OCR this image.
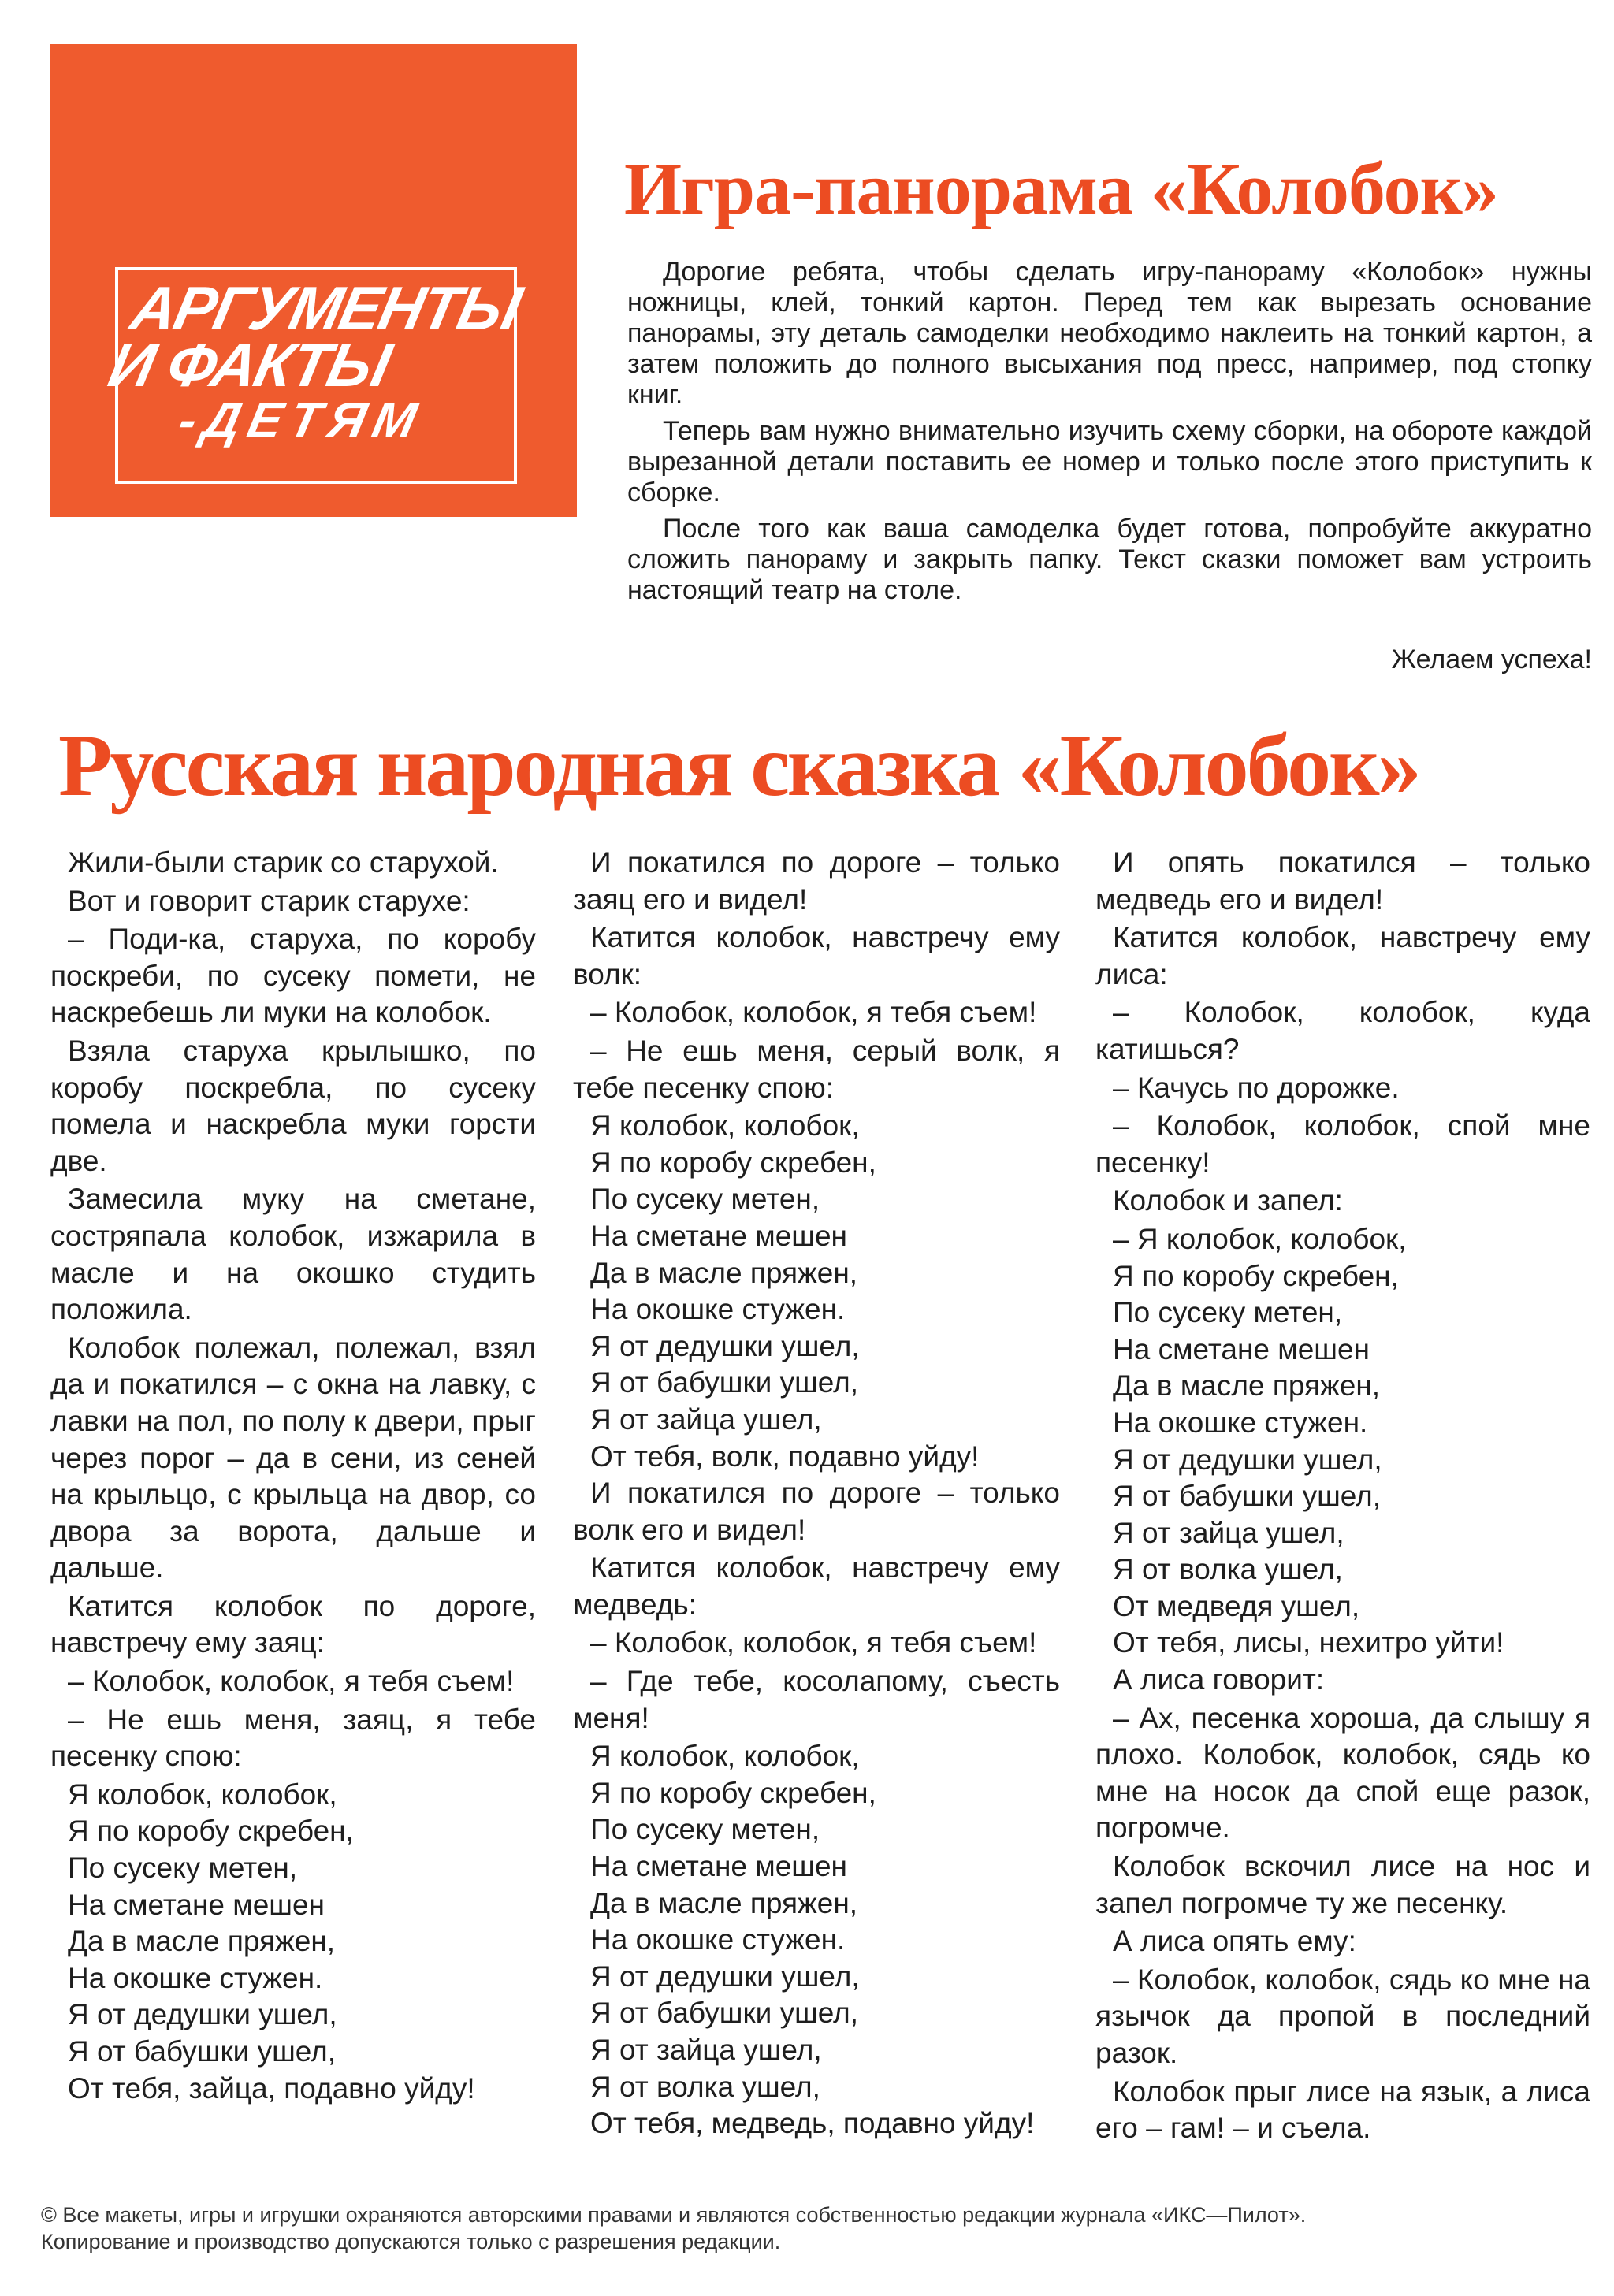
АРГУМЕНТЫ
И ФАКТЫ
-ДЕТЯМ
Игра-панорама «Колобок»

Дорогие ребята, чтобы сделать игру-панораму «Колобок» нужны ножницы, клей, тонкий картон. Перед тем как вырезать основание панорамы, эту деталь самоделки необходимо наклеить на тонкий картон, а затем положить до полного высыхания под пресс, например, под стопку книг.

Теперь вам нужно внимательно изучить схему сборки, на обороте каждой вырезанной детали поставить ее номер и только после этого приступить к сборке.

После того как ваша самоделка будет готова, попробуйте аккуратно сложить панораму и закрыть папку. Текст сказки поможет вам устроить настоящий театр на столе.

Желаем успеха!
Русская народная сказка «Колобок»

Жили-были старик со старухой.

Вот и говорит старик старухе:

– Поди-ка, старуха, по коробу поскреби, по сусеку помети, не наскребешь ли муки на колобок.

Взяла старуха крылышко, по коробу поскребла, по сусеку помела и наскребла муки горсти две.

Замесила муку на сметане, состряпала колобок, изжарила в масле и на окошко студить положила.

Колобок полежал, полежал, взял да и покатился – с окна на лавку, с лавки на пол, по полу к двери, прыг через порог – да в сени, из сеней на крыльцо, с крыльца на двор, со двора за ворота, дальше и дальше.

Катится колобок по дороге, навстречу ему заяц:

– Колобок, колобок, я тебя съем!

– Не ешь меня, заяц, я тебе песенку спою:

Я колобок, колобок,
Я по коробу скребен,
По сусеку метен,
На сметане мешен
Да в масле пряжен,
На окошке стужен.
Я от дедушки ушел,
Я от бабушки ушел,
От тебя, зайца, подавно уйду!

И покатился по дороге – только заяц его и видел!

Катится колобок, навстречу ему волк:

– Колобок, колобок, я тебя съем!

– Не ешь меня, серый волк, я тебе песенку спою:

Я колобок, колобок,
Я по коробу скребен,
По сусеку метен,
На сметане мешен
Да в масле пряжен,
На окошке стужен.
Я от дедушки ушел,
Я от бабушки ушел,
Я от зайца ушел,
От тебя, волк, подавно уйду!

И покатился по дороге – только волк его и видел!

Катится колобок, навстречу ему медведь:

– Колобок, колобок, я тебя съем!

– Где тебе, косолапому, съесть меня!

Я колобок, колобок,
Я по коробу скребен,
По сусеку метен,
На сметане мешен
Да в масле пряжен,
На окошке стужен.
Я от дедушки ушел,
Я от бабушки ушел,
Я от зайца ушел,
Я от волка ушел,
От тебя, медведь, подавно уйду!

И опять покатился – только медведь его и видел!

Катится колобок, навстречу ему лиса:

– Колобок, колобок, куда катишься?

– Качусь по дорожке.

– Колобок, колобок, спой мне песенку!

Колобок и запел:

– Я колобок, колобок,
Я по коробу скребен,
По сусеку метен,
На сметане мешен
Да в масле пряжен,
На окошке стужен.
Я от дедушки ушел,
Я от бабушки ушел,
Я от зайца ушел,
Я от волка ушел,
От медведя ушел,
От тебя, лисы, нехитро уйти!

А лиса говорит:

– Ах, песенка хороша, да слышу я плохо. Колобок, колобок, сядь ко мне на носок да спой еще разок, погромче.

Колобок вскочил лисе на нос и запел погромче ту же песенку.

А лиса опять ему:

– Колобок, колобок, сядь ко мне на язычок да пропой в последний разок.

Колобок прыг лисе на язык, а лиса его – гам! – и съела.

© Все макеты, игры и игрушки охраняются авторскими правами и являются собственностью редакции журнала «ИКС—Пилот».
Копирование и производство допускаются только с разрешения редакции.
